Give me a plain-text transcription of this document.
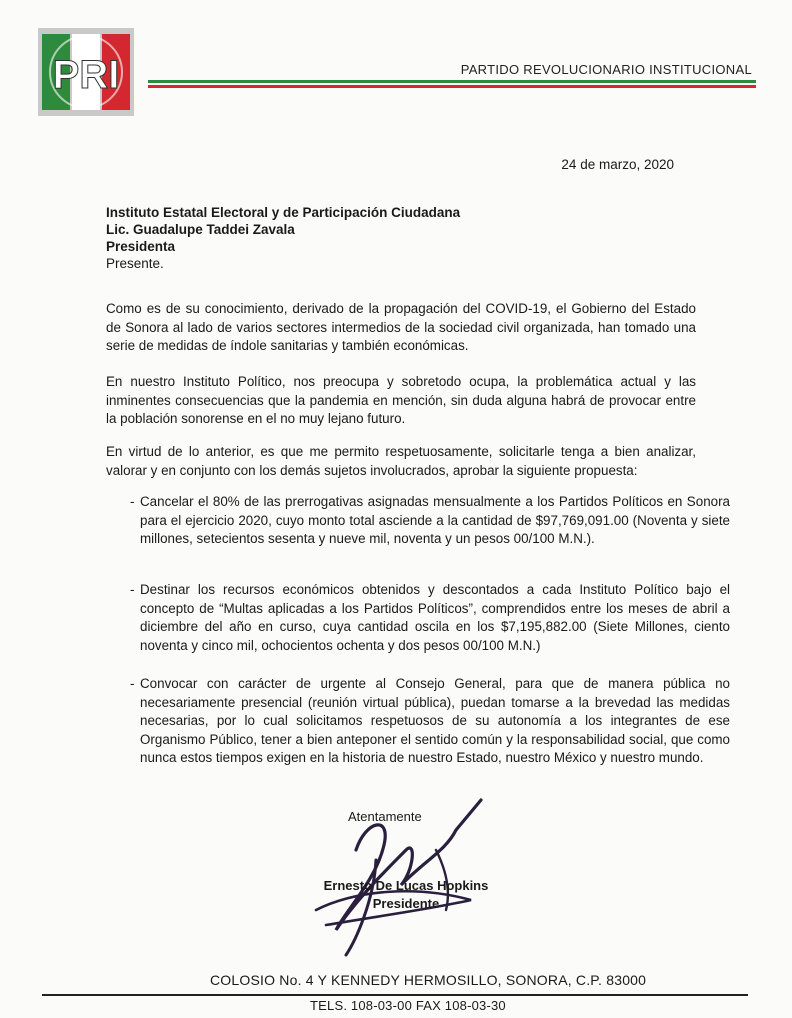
PRI	PARTIDO REVOLUCIONARIO INSTITUCIONAL
24 de marzo, 2020
Instituto Estatal Electoral y de Participación Ciudadana
Lic. Guadalupe Taddei Zavala
Presidenta
Presente.
Como es de su conocimiento, derivado de la propagación del COVID-19, el Gobierno del Estado de Sonora al lado de varios sectores intermedios de la sociedad civil organizada, han tomado una serie de medidas de índole sanitarias y también económicas.
En nuestro Instituto Político, nos preocupa y sobretodo ocupa, la problemática actual y las inminentes consecuencias que la pandemia en mención, sin duda alguna habrá de provocar entre la población sonorense en el no muy lejano futuro.
En virtud de lo anterior, es que me permito respetuosamente, solicitarle tenga a bien analizar, valorar y en conjunto con los demás sujetos involucrados, aprobar la siguiente propuesta:
- Cancelar el 80% de las prerrogativas asignadas mensualmente a los Partidos Políticos en Sonora para el ejercicio 2020, cuyo monto total asciende a la cantidad de $97,769,091.00 (Noventa y siete millones, setecientos sesenta y nueve mil, noventa y un pesos 00/100 M.N.).
- Destinar los recursos económicos obtenidos y descontados a cada Instituto Político bajo el concepto de “Multas aplicadas a los Partidos Políticos”, comprendidos entre los meses de abril a diciembre del año en curso, cuya cantidad oscila en los $7,195,882.00 (Siete Millones, ciento noventa y cinco mil, ochocientos ochenta y dos pesos 00/100 M.N.)
- Convocar con carácter de urgente al Consejo General, para que de manera pública no necesariamente presencial (reunión virtual pública), puedan tomarse a la brevedad las medidas necesarias, por lo cual solicitamos respetuosos de su autonomía a los integrantes de ese Organismo Público, tener a bien anteponer el sentido común y la responsabilidad social, que como nunca estos tiempos exigen en la historia de nuestro Estado, nuestro México y nuestro mundo.
Atentamente
Ernesto De Lucas Hopkins
Presidente
COLOSIO No. 4 Y KENNEDY HERMOSILLO, SONORA, C.P. 83000
TELS. 108-03-00 FAX 108-03-30
